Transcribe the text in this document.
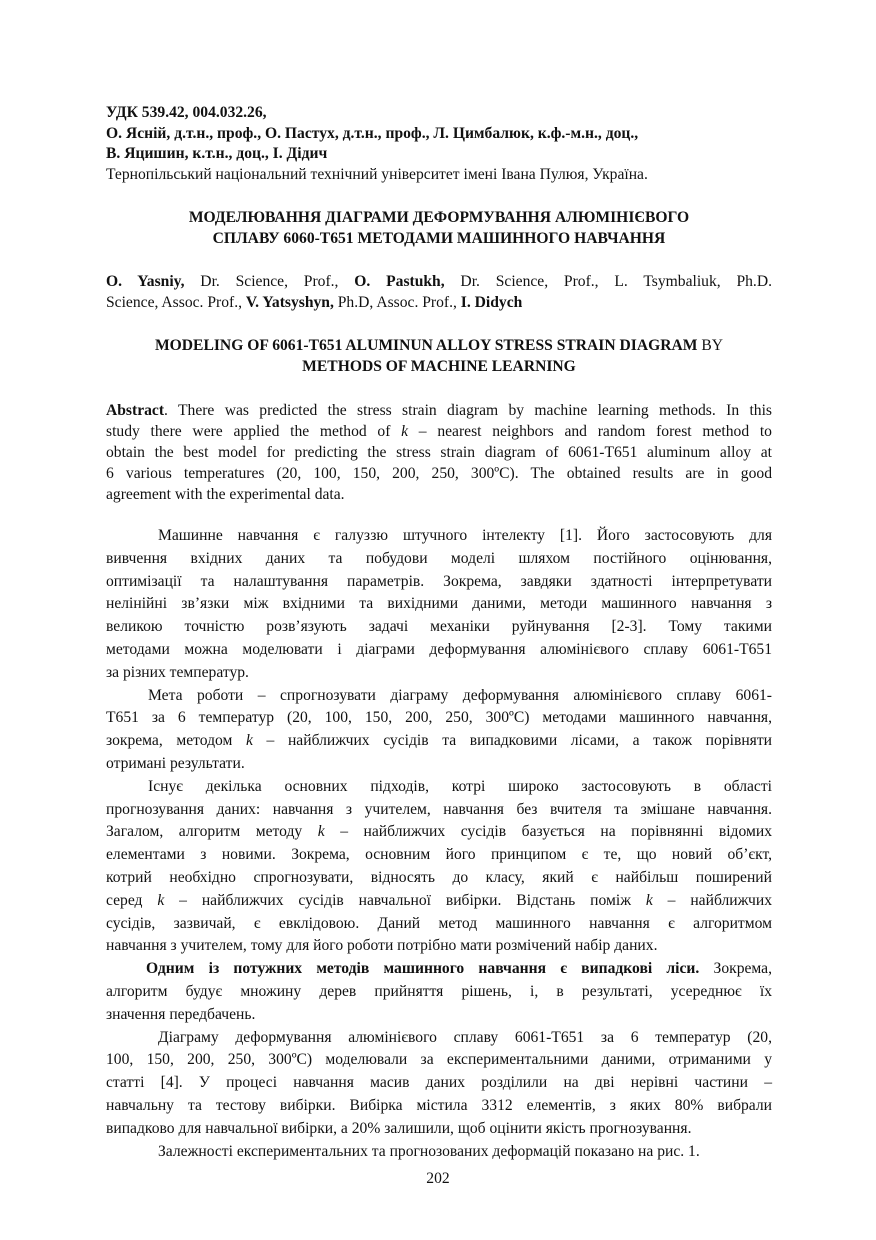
УДК 539.42, 004.032.26,
О. Ясній, д.т.н., проф., О. Пастух, д.т.н., проф., Л. Цимбалюк, к.ф.-м.н., доц.,
В. Яцишин, к.т.н., доц., І. Дідич
Тернопільський національний технічний університет імені Івана Пулюя, Україна.
МОДЕЛЮВАННЯ ДІАГРАМИ ДЕФОРМУВАННЯ АЛЮМІНІЄВОГО
СПЛАВУ 6060-Т651 МЕТОДАМИ МАШИННОГО НАВЧАННЯ
O. Yasniy, Dr. Science, Prof., O. Pastukh, Dr. Science, Prof., L. Tsymbaliuk, Ph.D.
Science, Assoc. Prof., V. Yatsyshyn, Ph.D, Assoc. Prof., I. Didych
MODELING OF 6061-T651 ALUMINUN ALLOY STRESS STRAIN DIAGRAM BY
METHODS OF MACHINE LEARNING
Abstract. There was predicted the stress strain diagram by machine learning methods. In this
study there were applied the method of k – nearest neighbors and random forest method to
obtain the best model for predicting the stress strain diagram of 6061-T651 aluminum alloy at
6 various temperatures (20, 100, 150, 200, 250, 300ºC). The obtained results are in good
agreement with the experimental data.
Машинне навчання є галуззю штучного інтелекту [1]. Його застосовують для
вивчення вхідних даних та побудови моделі шляхом постійного оцінювання,
оптимізації та налаштування параметрів. Зокрема, завдяки здатності інтерпретувати
нелінійні зв’язки між вхідними та вихідними даними, методи машинного навчання з
великою точністю розв’язують задачі механіки руйнування [2-3]. Тому такими
методами можна моделювати і діаграми деформування алюмінієвого сплаву 6061-Т651
за різних температур.
Мета роботи – спрогнозувати діаграму деформування алюмінієвого сплаву 6061-
Т651 за 6 температур (20, 100, 150, 200, 250, 300ºС) методами машинного навчання,
зокрема, методом k – найближчих сусідів та випадковими лісами, а також порівняти
отримані результати.
Існує декілька основних підходів, котрі широко застосовують в області
прогнозування даних: навчання з учителем, навчання без вчителя та змішане навчання.
Загалом, алгоритм методу k – найближчих сусідів базується на порівнянні відомих
елементами з новими. Зокрема, основним його принципом є те, що новий об’єкт,
котрий необхідно спрогнозувати, відносять до класу, який є найбільш поширений
серед k – найближчих сусідів навчальної вибірки. Відстань поміж k – найближчих
сусідів, зазвичай, є евклідовою. Даний метод машинного навчання є алгоритмом
навчання з учителем, тому для його роботи потрібно мати розмічений набір даних.
Одним із потужних методів машинного навчання є випадкові ліси. Зокрема,
алгоритм будує множину дерев прийняття рішень, і, в результаті, усереднює їх
значення передбачень.
Діаграму деформування алюмінієвого сплаву 6061-Т651 за 6 температур (20,
100, 150, 200, 250, 300ºС) моделювали за експериментальними даними, отриманими у
статті [4]. У процесі навчання масив даних розділили на дві нерівні частини –
навчальну та тестову вибірки. Вибірка містила 3312 елементів, з яких 80% вибрали
випадково для навчальної вибірки, а 20% залишили, щоб оцінити якість прогнозування.
Залежності експериментальних та прогнозованих деформацій показано на рис. 1.
202
